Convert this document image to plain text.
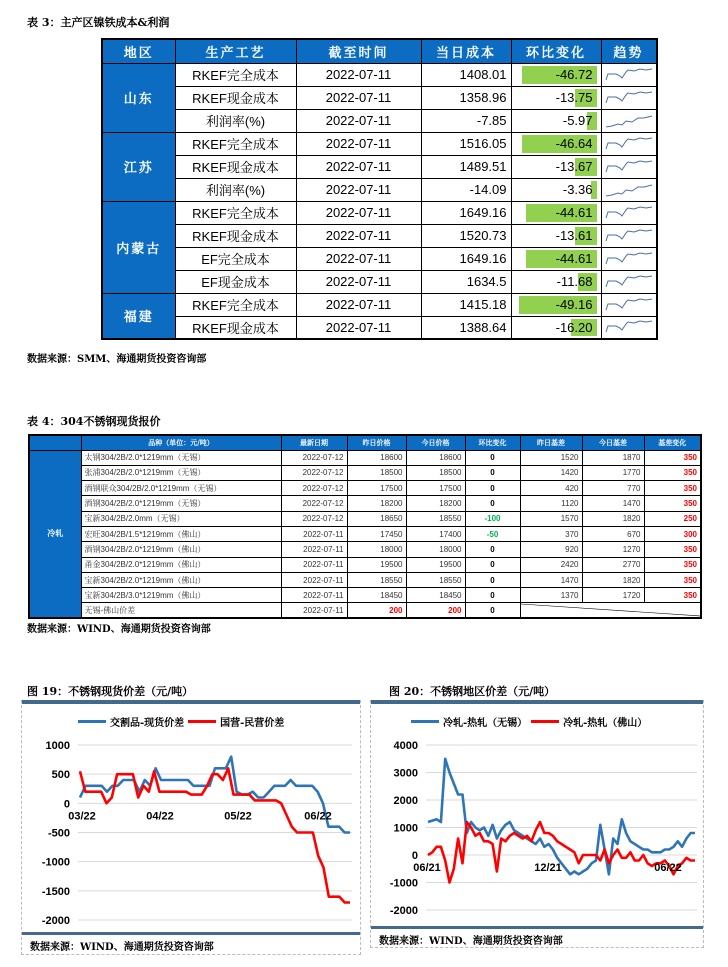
表 3：主产区镍铁成本&利润
地区	生产工艺	截至时间	当日成本	环比变化	趋势
山东	RKEF完全成本	2022-07-11	1408.01	-46.72	

	RKEF现金成本	2022-07-11	1358.96	-13.75	

	利润率(%)	2022-07-11	-7.85	-5.97	

江苏	RKEF完全成本	2022-07-11	1516.05	-46.64	

	RKEF现金成本	2022-07-11	1489.51	-13.67	

	利润率(%)	2022-07-11	-14.09	-3.36	

内蒙古	RKEF完全成本	2022-07-11	1649.16	-44.61	

	RKEF现金成本	2022-07-11	1520.73	-13.61	

	EF完全成本	2022-07-11	1649.16	-44.61	

	EF现金成本	2022-07-11	1634.5	-11.68	

福建	RKEF完全成本	2022-07-11	1415.18	-49.16	

	RKEF现金成本	2022-07-11	1388.64	-16.20	
数据来源：SMM、海通期货投资咨询部
表 4：304不锈钢现货报价
	品种（单位：元/吨）	最新日期	昨日价格	今日价格	环比变化	昨日基差	今日基差	基差变化
冷轧	太钢304/2B/2.0*1219mm（无锡）	2022-07-12	18600	18600	0	1520	1870	350
	张浦304/2B/2.0*1219mm（无锡）	2022-07-12	18500	18500	0	1420	1770	350
	酒钢联众304/2B/2.0*1219mm（无锡）	2022-07-12	17500	17500	0	420	770	350
	酒钢304/2B/2.0*1219mm（无锡）	2022-07-12	18200	18200	0	1120	1470	350
	宝新304/2B/2.0mm（无锡）	2022-07-12	18650	18550	-100	1570	1820	250
	宏旺304/2B/1.5*1219mm（佛山）	2022-07-11	17450	17400	-50	370	670	300
	酒钢304/2B/2.0*1219mm（佛山）	2022-07-11	18000	18000	0	920	1270	350
	甬金304/2B/2.0*1219mm（佛山）	2022-07-11	19500	19500	0	2420	2770	350
	宝新304/2B/2.0*1219mm（佛山）	2022-07-11	18550	18550	0	1470	1820	350
	宝新304/2B/3.0*1219mm（佛山）	2022-07-11	18450	18450	0	1370	1720	350
	无锡-佛山价差	2022-07-11	200	200	0	
数据来源：WIND、海通期货投资咨询部
图 19：不锈钢现货价差（元/吨）
交割品-现货价差	国营-民营价差
1000
500
0
-500
-1000
-1500
-2000
03/22	04/22	05/22	06/22
数据来源：WIND、海通期货投资咨询部
图 20：不锈钢地区价差（元/吨）
冷轧-热轧（无锡）	冷轧-热轧（佛山）
4000
3000
2000
1000
0
-1000
-2000
06/21	12/21	06/22
数据来源：WIND、海通期货投资咨询部
